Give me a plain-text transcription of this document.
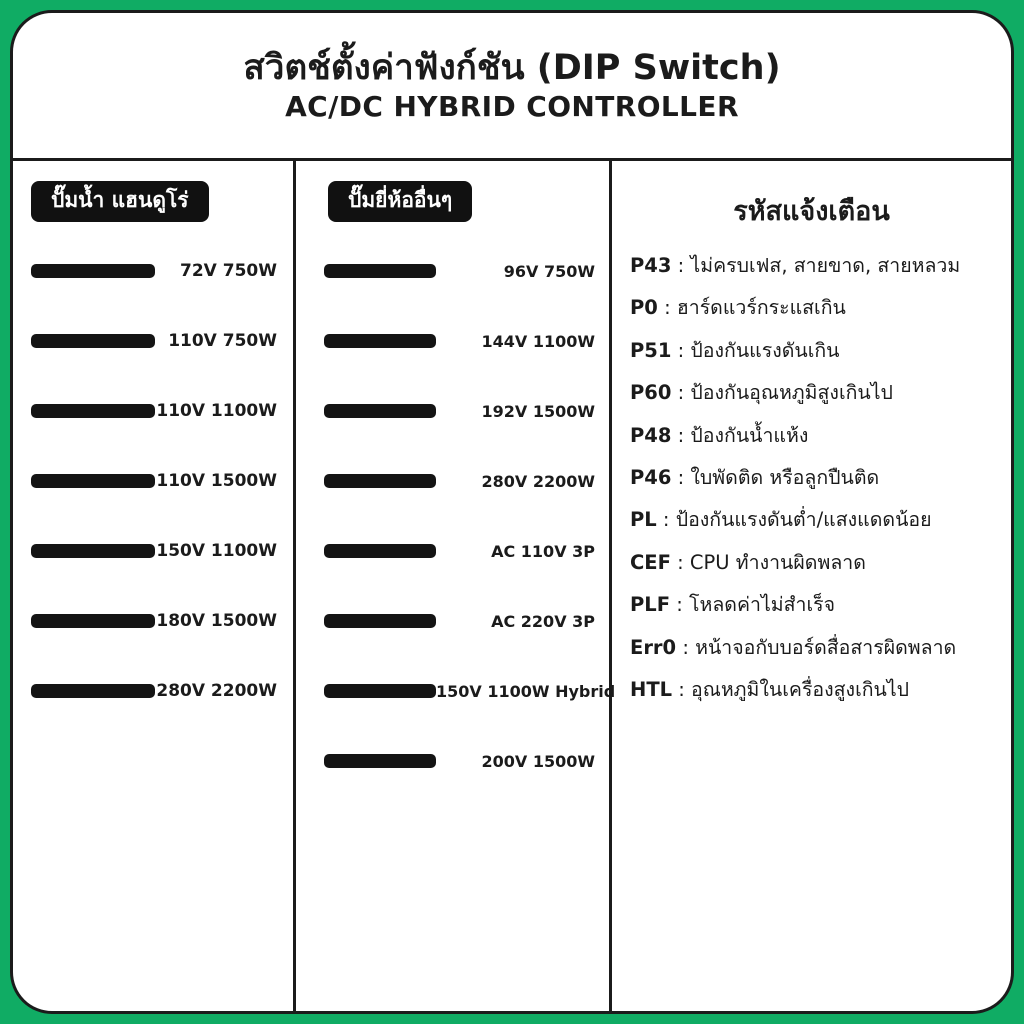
สวิตช์ตั้งค่าฟังก์ชัน (DIP Switch)
AC/DC HYBRID CONTROLLER
ปั๊มน้ำ แฮนดูโร่
72V 750W
110V 750W
110V 1100W
110V 1500W
150V 1100W
180V 1500W
280V 2200W
ปั๊มยี่ห้ออื่นๆ
96V 750W
144V 1100W
192V 1500W
280V 2200W
AC 110V 3P
AC 220V 3P
150V 1100W Hybrid
200V 1500W
รหัสแจ้งเตือน
P43 : ไม่ครบเฟส, สายขาด, สายหลวม
P0 : ฮาร์ดแวร์กระแสเกิน
P51 : ป้องกันแรงดันเกิน
P60 : ป้องกันอุณหภูมิสูงเกินไป
P48 : ป้องกันน้ำแห้ง
P46 : ใบพัดติด หรือลูกปืนติด
PL : ป้องกันแรงดันต่ำ/แสงแดดน้อย
CEF : CPU ทำงานผิดพลาด
PLF : โหลดค่าไม่สำเร็จ
Err0 : หน้าจอกับบอร์ดสื่อสารผิดพลาด
HTL : อุณหภูมิในเครื่องสูงเกินไป
